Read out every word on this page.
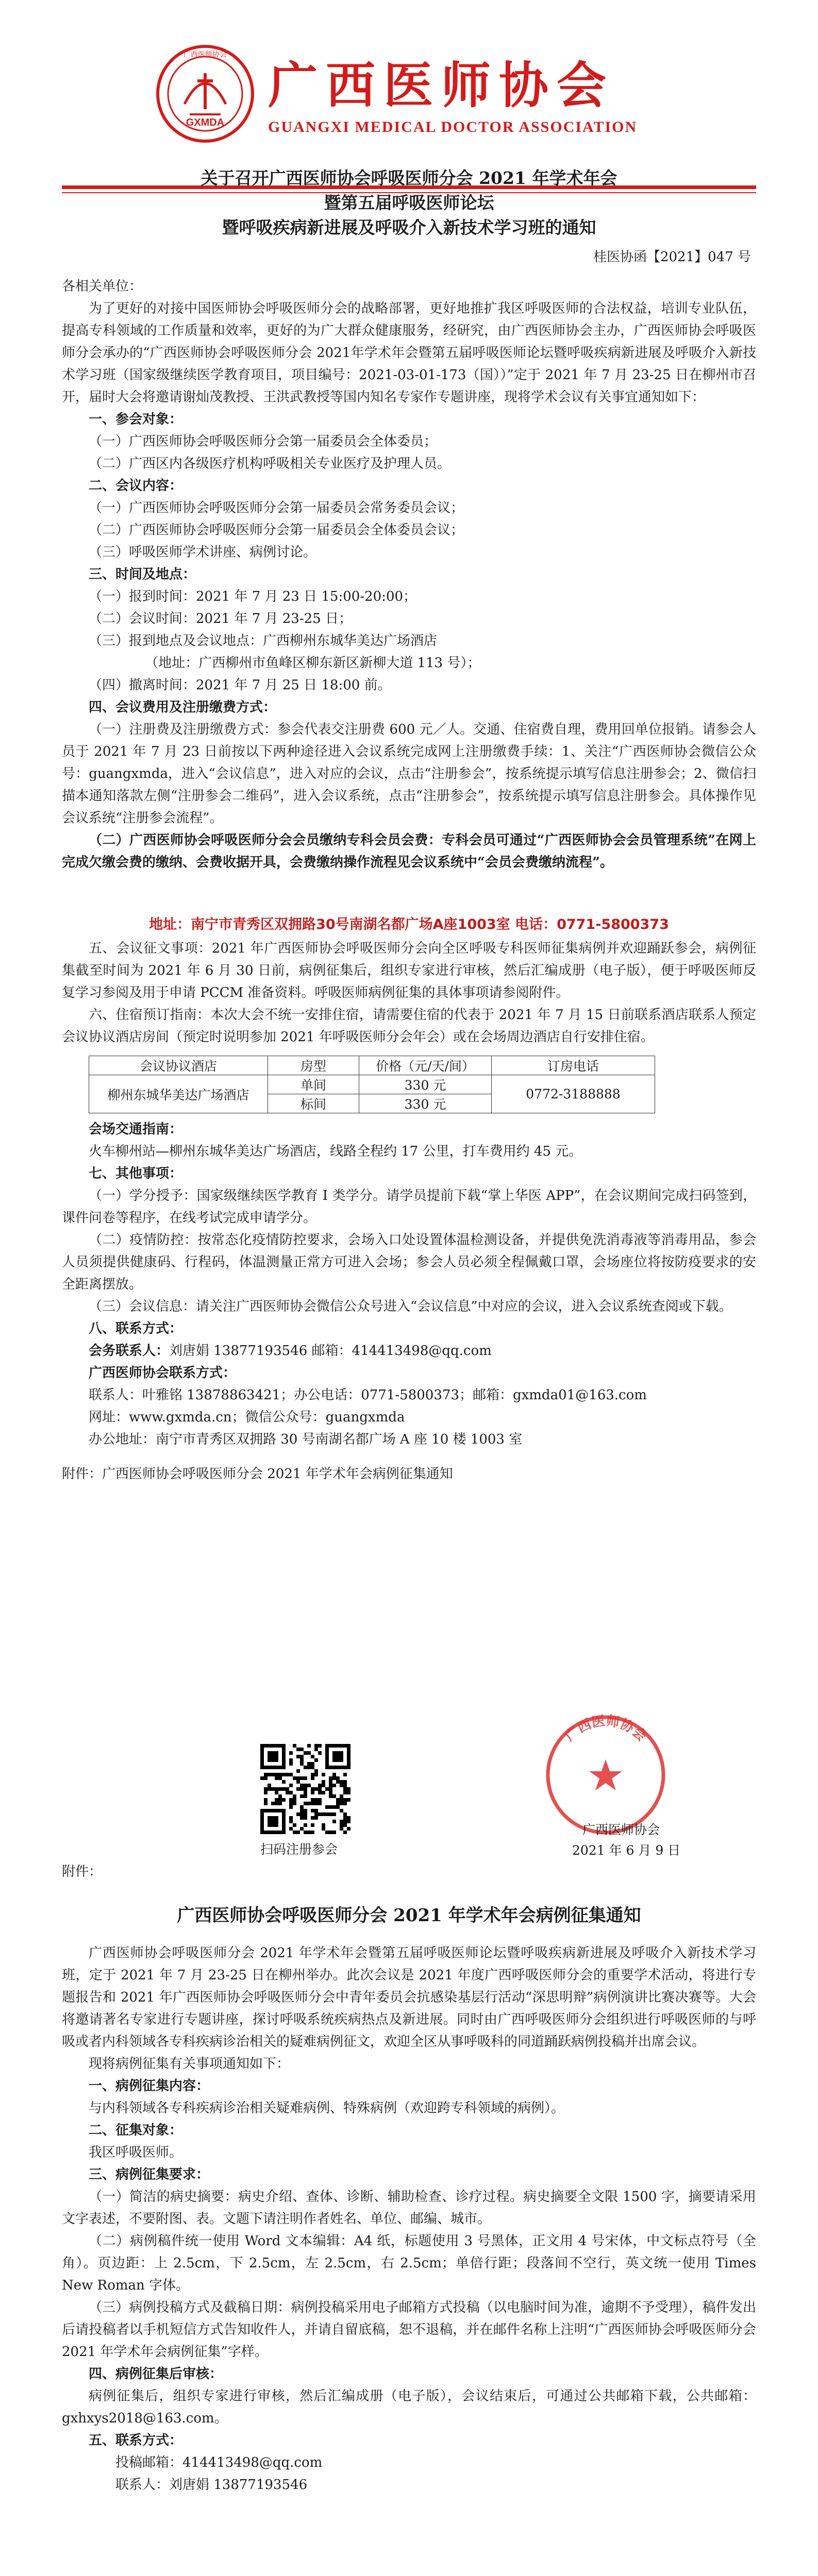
GXMDA
广西医师协会
广西医师协会
GUANGXI MEDICAL DOCTOR ASSOCIATION
关于召开广西医师协会呼吸医师分会 2021 年学术年会
暨第五届呼吸医师论坛
暨呼吸疾病新进展及呼吸介入新技术学习班的通知
桂医协函【2021】047 号

各相关单位：

为了更好的对接中国医师协会呼吸医师分会的战略部署，更好地推扩我区呼吸医师的合法权益，培训专业队伍，提高专科领域的工作质量和效率，更好的为广大群众健康服务，经研究，由广西医师协会主办，广西医师协会呼吸医师分会承办的“广西医师协会呼吸医师分会 2021年学术年会暨第五届呼吸医师论坛暨呼吸疾病新进展及呼吸介入新技术学习班（国家级继续医学教育项目，项目编号：2021-03-01-173（国））”定于 2021 年 7 月 23-25 日在柳州市召开，届时大会将邀请谢灿茂教授、王洪武教授等国内知名专家作专题讲座，现将学术会议有关事宜通知如下：

一、参会对象：

（一）广西医师协会呼吸医师分会第一届委员会全体委员；

（二）广西区内各级医疗机构呼吸相关专业医疗及护理人员。

二、会议内容：

（一）广西医师协会呼吸医师分会第一届委员会常务委员会议；

（二）广西医师协会呼吸医师分会第一届委员会全体委员会议；

（三）呼吸医师学术讲座、病例讨论。

三、时间及地点：

（一）报到时间：2021 年 7 月 23 日 15:00-20:00；

（二）会议时间：2021 年 7 月 23-25 日；

（三）报到地点及会议地点：广西柳州东城华美达广场酒店

（地址：广西柳州市鱼峰区柳东新区新柳大道 113 号）；

（四）撤离时间：2021 年 7 月 25 日 18:00 前。

四、会议费用及注册缴费方式：

（一）注册费及注册缴费方式：参会代表交注册费 600 元／人。交通、住宿费自理，费用回单位报销。请参会人员于 2021 年 7 月 23 日前按以下两种途径进入会议系统完成网上注册缴费手续：1、关注“广西医师协会微信公众号：guangxmda，进入“会议信息”，进入对应的会议，点击“注册参会”，按系统提示填写信息注册参会；2、微信扫描本通知落款左侧“注册参会二维码”，进入会议系统，点击“注册参会”，按系统提示填写信息注册参会。具体操作见会议系统“注册参会流程”。

（二）广西医师协会呼吸医师分会会员缴纳专科会员会费：专科会员可通过“广西医师协会会员管理系统”在网上完成欠缴会费的缴纳、会费收据开具，会费缴纳操作流程见会议系统中“会员会费缴纳流程”。

地址：南宁市青秀区双拥路30号南湖名都广场A座1003室 电话：0771-5800373

五、会议征文事项：2021 年广西医师协会呼吸医师分会向全区呼吸专科医师征集病例并欢迎踊跃参会，病例征集截至时间为 2021 年 6 月 30 日前，病例征集后，组织专家进行审核，然后汇编成册（电子版），便于呼吸医师反复学习参阅及用于申请 PCCM 准备资料。呼吸医师病例征集的具体事项请参阅附件。

六、住宿预订指南：本次大会不统一安排住宿，请需要住宿的代表于 2021 年 7 月 15 日前联系酒店联系人预定会议协议酒店房间（预定时说明参加 2021 年呼吸医师分会年会）或在会场周边酒店自行安排住宿。

会议协议酒店	房型	价格（元/天/间）	订房电话
柳州东城华美达广场酒店	单间	330 元	0772-3188888
	标间	330 元	

会场交通指南：

火车柳州站—柳州东城华美达广场酒店，线路全程约 17 公里，打车费用约 45 元。

七、其他事项：

（一）学分授予：国家级继续医学教育 I 类学分。请学员提前下载“掌上华医 APP”，在会议期间完成扫码签到，课件问卷等程序，在线考试完成申请学分。

（二）疫情防控：按常态化疫情防控要求，会场入口处设置体温检测设备，并提供免洗消毒液等消毒用品，参会人员须提供健康码、行程码，体温测量正常方可进入会场；参会人员必须全程佩戴口罩，会场座位将按防疫要求的安全距离摆放。

（三）会议信息：请关注广西医师协会微信公众号进入“会议信息”中对应的会议，进入会议系统查阅或下载。

八、联系方式：

会务联系人：刘唐娟 13877193546 邮箱：414413498@qq.com

广西医师协会联系方式：

联系人：叶雅铭 13878863421；办公电话：0771-5800373；邮箱：gxmda01@163.com

网址：www.gxmda.cn；微信公众号：guangxmda

办公地址：南宁市青秀区双拥路 30 号南湖名都广场 A 座 10 楼 1003 室

附件：广西医师协会呼吸医师分会 2021 年学术年会病例征集通知

扫码注册参会
广西医师协会
广西医师协会
2021 年 6 月 9 日
附件：
广西医师协会呼吸医师分会 2021 年学术年会病例征集通知

广西医师协会呼吸医师分会 2021 年学术年会暨第五届呼吸医师论坛暨呼吸疾病新进展及呼吸介入新技术学习班，定于 2021 年 7 月 23-25 日在柳州举办。此次会议是 2021 年度广西呼吸医师分会的重要学术活动，将进行专题报告和 2021 年广西医师协会呼吸医师分会中青年委员会抗感染基层行活动“深思明辩”病例演讲比赛决赛等。大会将邀请著名专家进行专题讲座，探讨呼吸系统疾病热点及新进展。同时由广西呼吸医师分会组织进行呼吸医师的与呼吸或者内科领域各专科疾病诊治相关的疑难病例征文，欢迎全区从事呼吸科的同道踊跃病例投稿并出席会议。

现将病例征集有关事项通知如下：

一、病例征集内容：

与内科领域各专科疾病诊治相关疑难病例、特殊病例（欢迎跨专科领域的病例）。

二、征集对象：

我区呼吸医师。

三、病例征集要求：

（一）简洁的病史摘要：病史介绍、查体、诊断、辅助检查、诊疗过程。病史摘要全文限 1500 字，摘要请采用文字表述，不要附图、表。文题下请注明作者姓名、单位、邮编、城市。

（二）病例稿件统一使用 Word 文本编辑：A4 纸，标题使用 3 号黑体，正文用 4 号宋体，中文标点符号（全角）。页边距：上 2.5cm，下 2.5cm，左 2.5cm，右 2.5cm；单倍行距；段落间不空行，英文统一使用 Times New Roman 字体。

（三）病例投稿方式及截稿日期：病例投稿采用电子邮箱方式投稿（以电脑时间为准，逾期不予受理），稿件发出后请投稿者以手机短信方式告知收件人，并请自留底稿，恕不退稿，并在邮件名称上注明“广西医师协会呼吸医师分会 2021 年学术年会病例征集”字样。

四、病例征集后审核：

病例征集后，组织专家进行审核，然后汇编成册（电子版），会议结束后，可通过公共邮箱下载，公共邮箱：gxhxys2018@163.com。

五、联系方式：

投稿邮箱：414413498@qq.com

联系人：刘唐娟 13877193546
